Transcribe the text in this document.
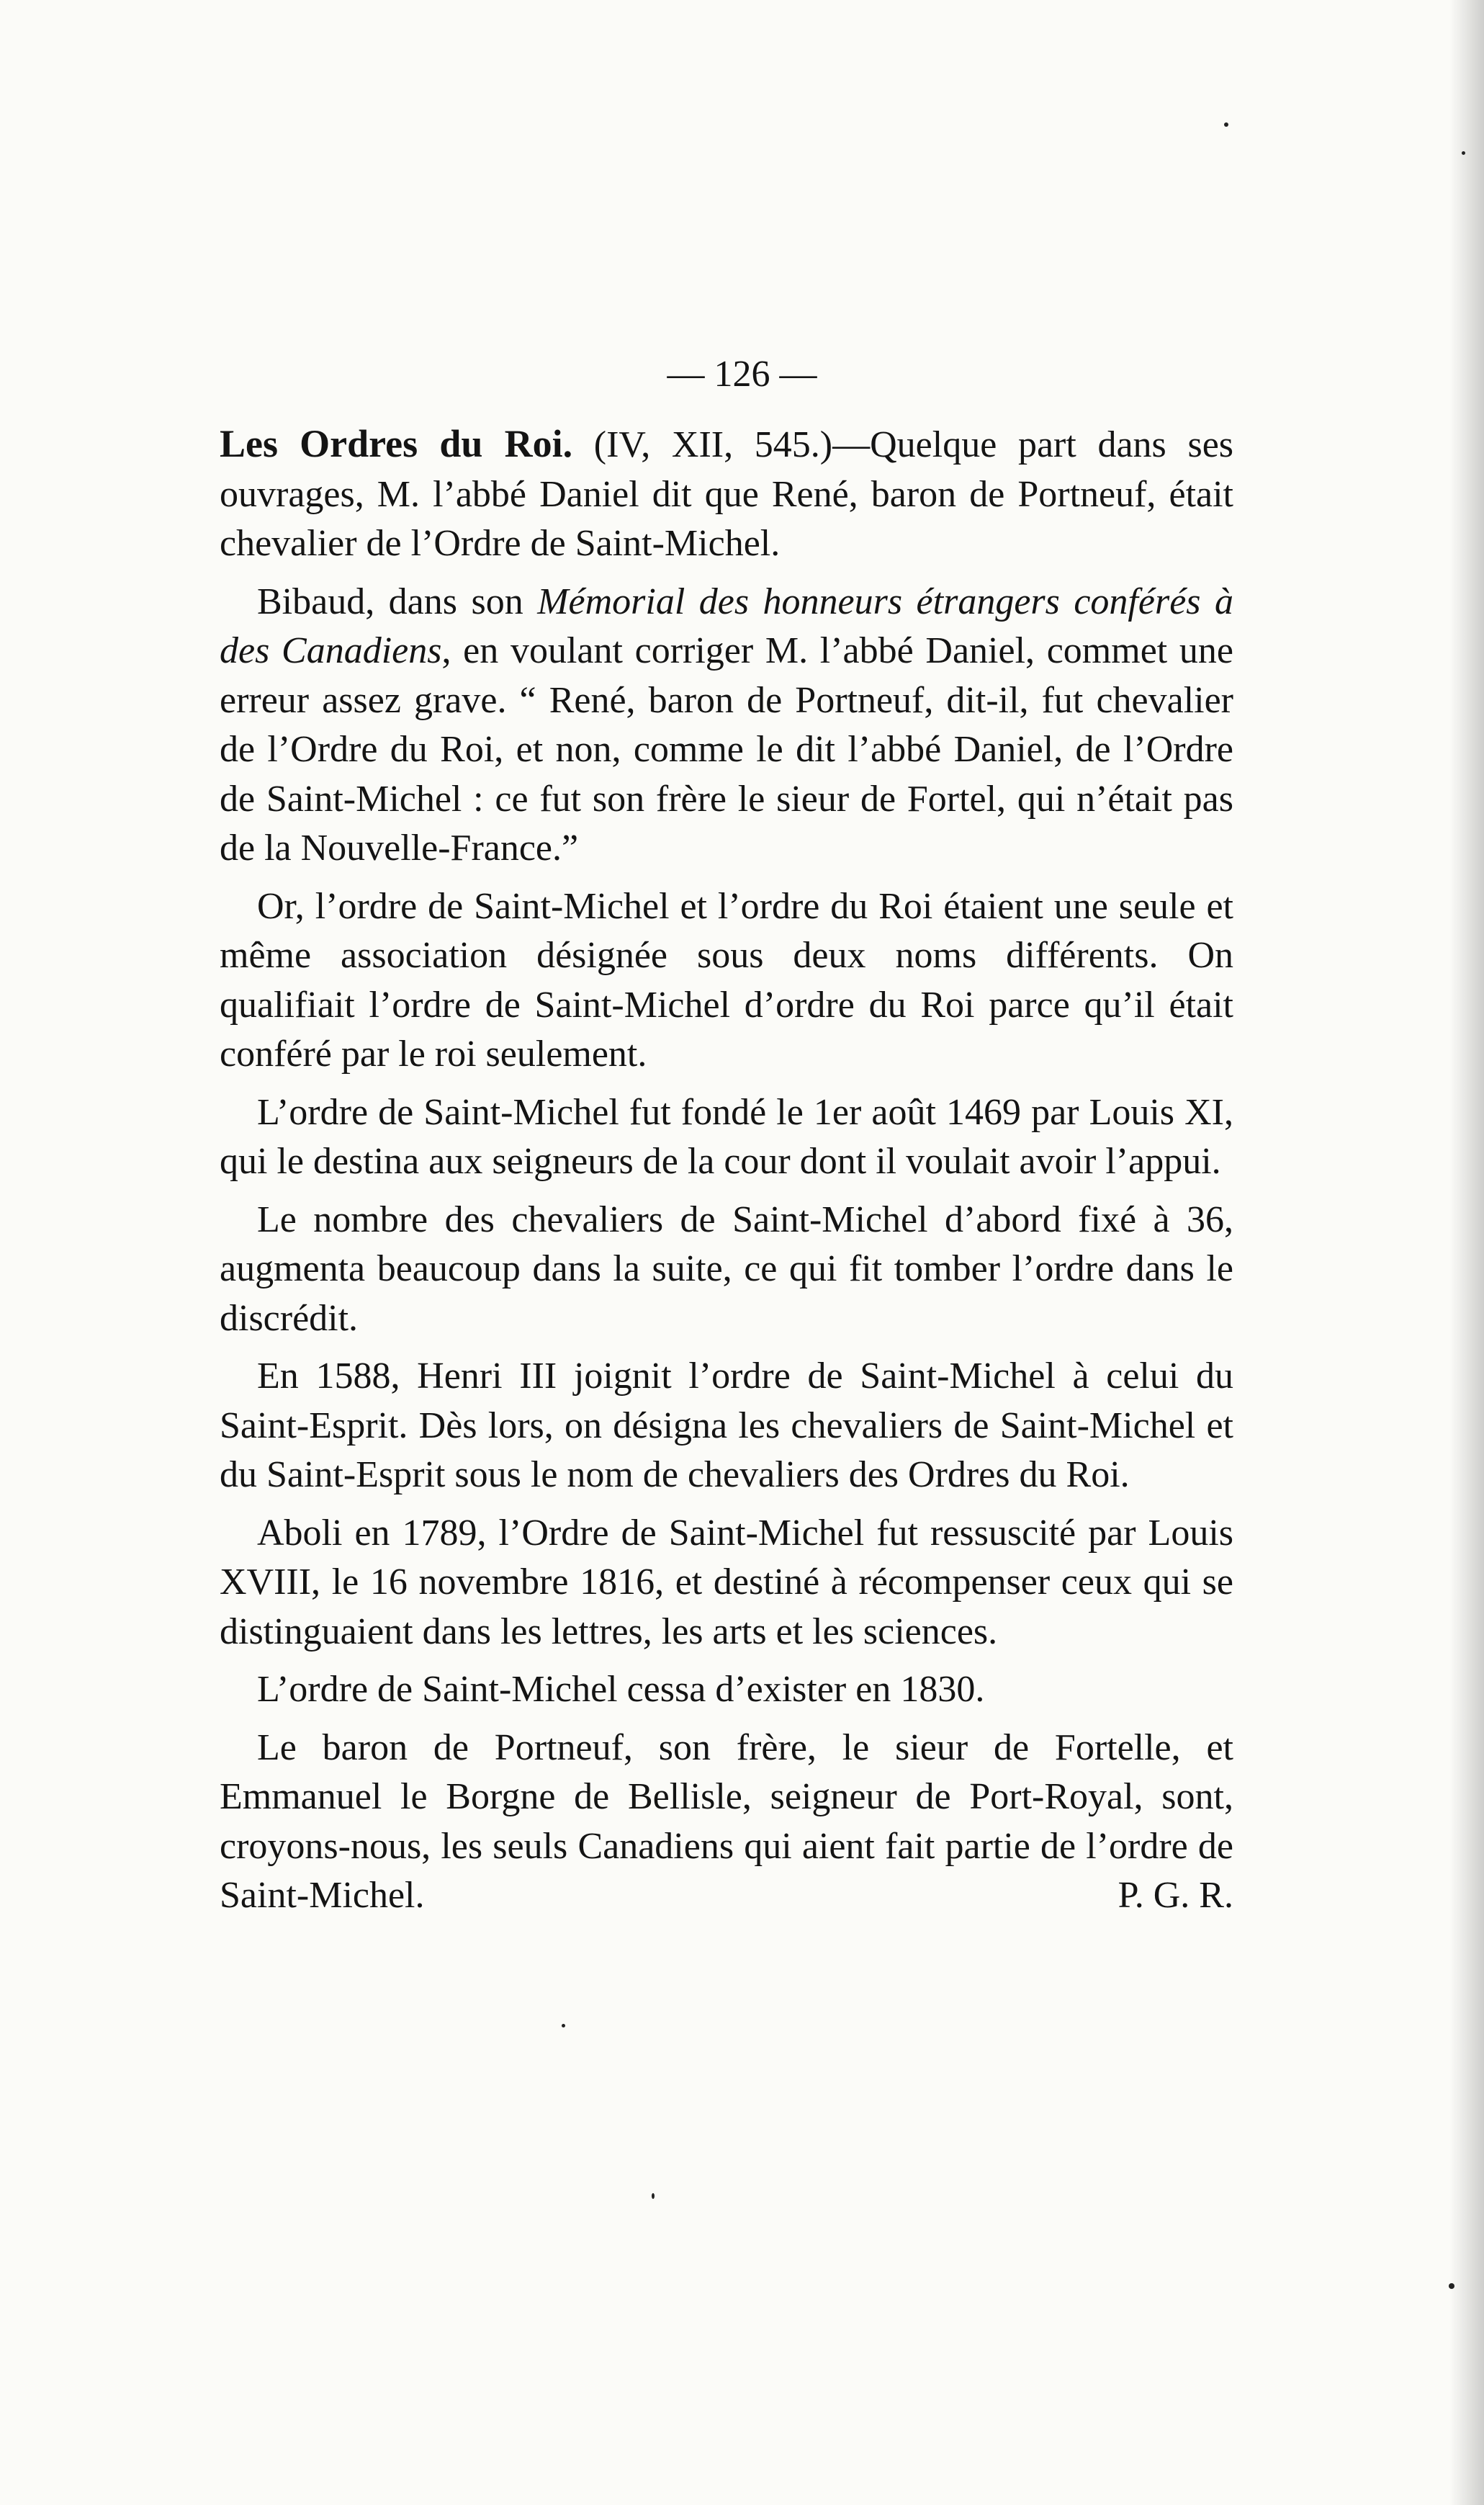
— 126 —

Les Ordres du Roi. (IV, XII, 545.)—Quelque part dans ses ouvrages, M. l’abbé Daniel dit que René, baron de Portneuf, était chevalier de l’Ordre de Saint-Michel.

Bibaud, dans son Mémorial des honneurs étrangers conférés à des Canadiens, en voulant corriger M. l’abbé Daniel, commet une erreur assez grave. “ René, baron de Portneuf, dit-il, fut chevalier de l’Ordre du Roi, et non, comme le dit l’abbé Daniel, de l’Ordre de Saint-Michel : ce fut son frère le sieur de Fortel, qui n’était pas de la Nouvelle-France.”

Or, l’ordre de Saint-Michel et l’ordre du Roi étaient une seule et même association désignée sous deux noms différents. On qualifiait l’ordre de Saint-Michel d’ordre du Roi parce qu’il était conféré par le roi seulement.

L’ordre de Saint-Michel fut fondé le 1er août 1469 par Louis XI, qui le destina aux seigneurs de la cour dont il voulait avoir l’appui.

Le nombre des chevaliers de Saint-Michel d’abord fixé à 36, augmenta beaucoup dans la suite, ce qui fit tomber l’ordre dans le discrédit.

En 1588, Henri III joignit l’ordre de Saint-Michel à celui du Saint-Esprit. Dès lors, on désigna les chevaliers de Saint-Michel et du Saint-Esprit sous le nom de chevaliers des Ordres du Roi.

Aboli en 1789, l’Ordre de Saint-Michel fut ressuscité par Louis XVIII, le 16 novembre 1816, et destiné à récompenser ceux qui se distinguaient dans les lettres, les arts et les sciences.

L’ordre de Saint-Michel cessa d’exister en 1830.

Le baron de Portneuf, son frère, le sieur de Fortelle, et Emmanuel le Borgne de Bellisle, seigneur de Port-Royal, sont, croyons-nous, les seuls Canadiens qui aient fait partie de l’ordre de Saint-Michel.	P. G. R.
